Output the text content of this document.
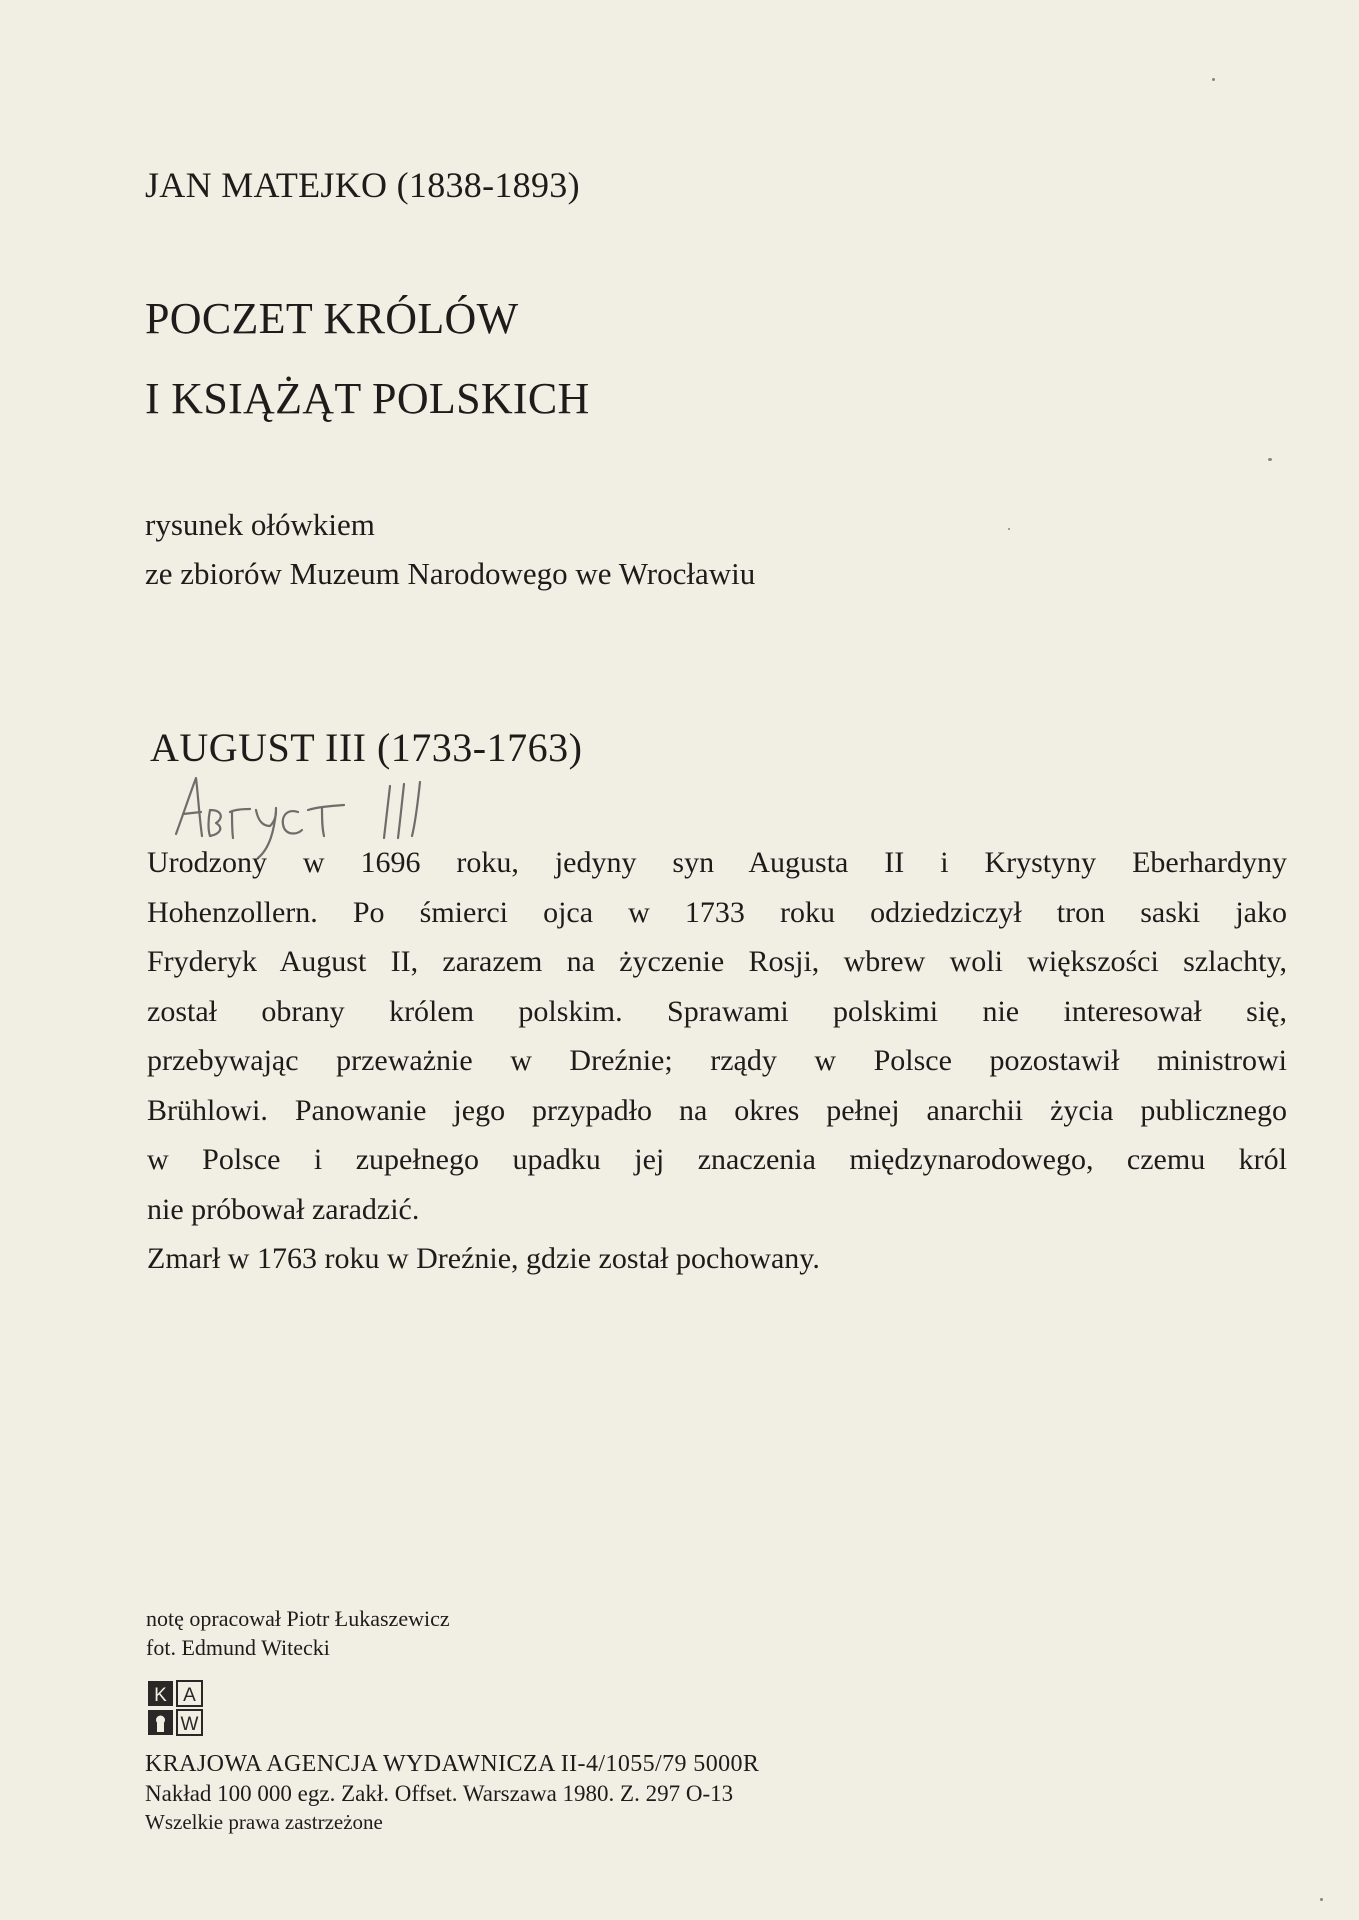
JAN MATEJKO (1838-1893)
POCZET KRÓLÓW
I KSIĄŻĄT POLSKICH
rysunek ołówkiem
ze zbiorów Muzeum Narodowego we Wrocławiu
AUGUST III (1733-1763)
Urodzony w 1696 roku, jedyny syn Augusta II i Krystyny Eberhardyny
Hohenzollern. Po śmierci ojca w 1733 roku odziedziczył tron saski jako
Fryderyk August II, zarazem na życzenie Rosji, wbrew woli większości szlachty,
został obrany królem polskim. Sprawami polskimi nie interesował się,
przebywając przeważnie w Dreźnie; rządy w Polsce pozostawił ministrowi
Brühlowi. Panowanie jego przypadło na okres pełnej anarchii życia publicznego
w Polsce i zupełnego upadku jej znaczenia międzynarodowego, czemu król
nie próbował zaradzić.
Zmarł w 1763 roku w Dreźnie, gdzie został pochowany.
notę opracował Piotr Łukaszewicz
fot. Edmund Witecki
K A
W
KRAJOWA AGENCJA WYDAWNICZA II-4/1055/79 5000R
Nakład 100 000 egz. Zakł. Offset. Warszawa 1980. Z. 297 O-13
Wszelkie prawa zastrzeżone
